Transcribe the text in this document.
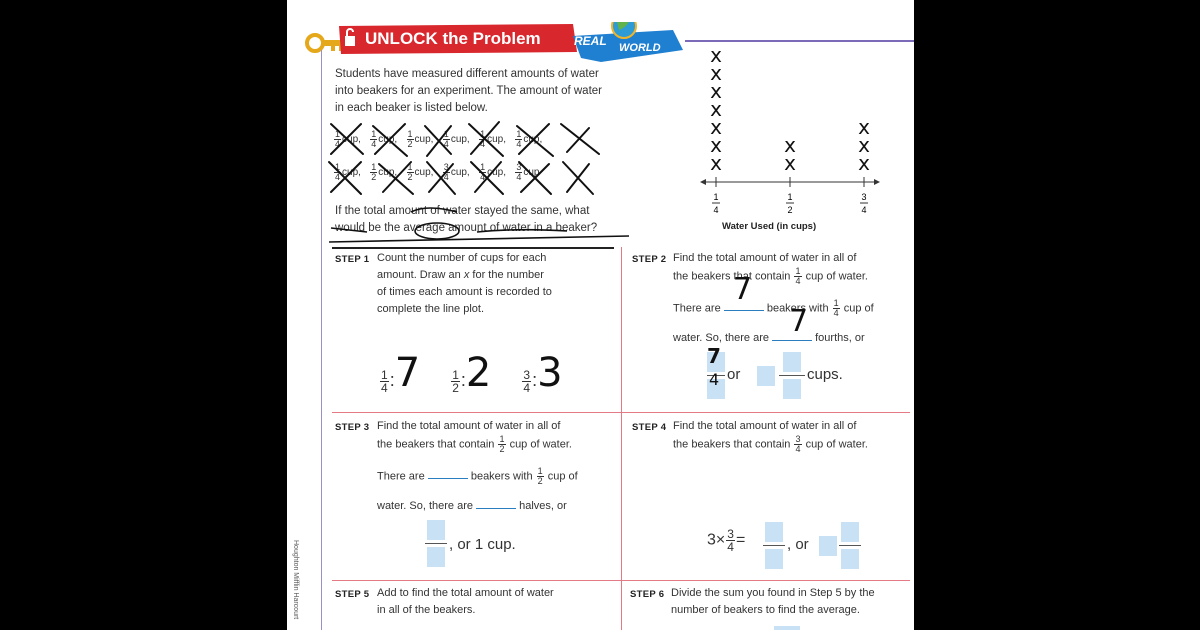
UNLOCK the Problem	REAL WORLD
Students have measured different amounts of water
into beakers for an experiment. The amount of water
in each beaker is listed below.
$\frac{1}{4}$ cup, $\frac{1}{4}$ cup, $\frac{1}{2}$ cup, $\frac{1}{4}$ cup, $\frac{1}{4}$ cup, $\frac{1}{4}$ cup,
$\frac{1}{4}$ cup, $\frac{1}{2}$ cup, $\frac{1}{2}$ cup, $\frac{3}{4}$ cup, $\frac{1}{4}$ cup, $\frac{3}{4}$ cup
If the total amount of water stayed the same, what
would be the average amount of water in a beaker?
x
x
x
x
x
x
x
x
x
x
x
x
1
4
1
2
3
4
Water Used (in cups)
STEP 1 Count the number of cups for each
amount. Draw an x for the number
of times each amount is recorded to
complete the line plot.
$\frac{1}{4}$ :7	$\frac{1}{2}$ :2	$\frac{3}{4}$ :3
STEP 2 Find the total amount of water in all of
the beakers that contain $\frac{1}{4}$ cup of water.
There are	beakers with $\frac{1}{4}$ cup of
7
water. So, there are	fourths, or
7
7
4 or	cups.
STEP 3 Find the total amount of water in all of
the beakers that contain $\frac{1}{2}$ cup of water.
There are	beakers with $\frac{1}{2}$ cup of
water. So, there are	halves, or
, or 1 cup.
STEP 4 Find the total amount of water in all of
the beakers that contain $\frac{3}{4}$ cup of water.
$3\times \frac{3}{4}$ =	, or
STEP 5 Add to find the total amount of water
in all of the beakers.
STEP 6 Divide the sum you found in Step 5 by the
number of beakers to find the average.
Houghton Mifflin Harcourt
